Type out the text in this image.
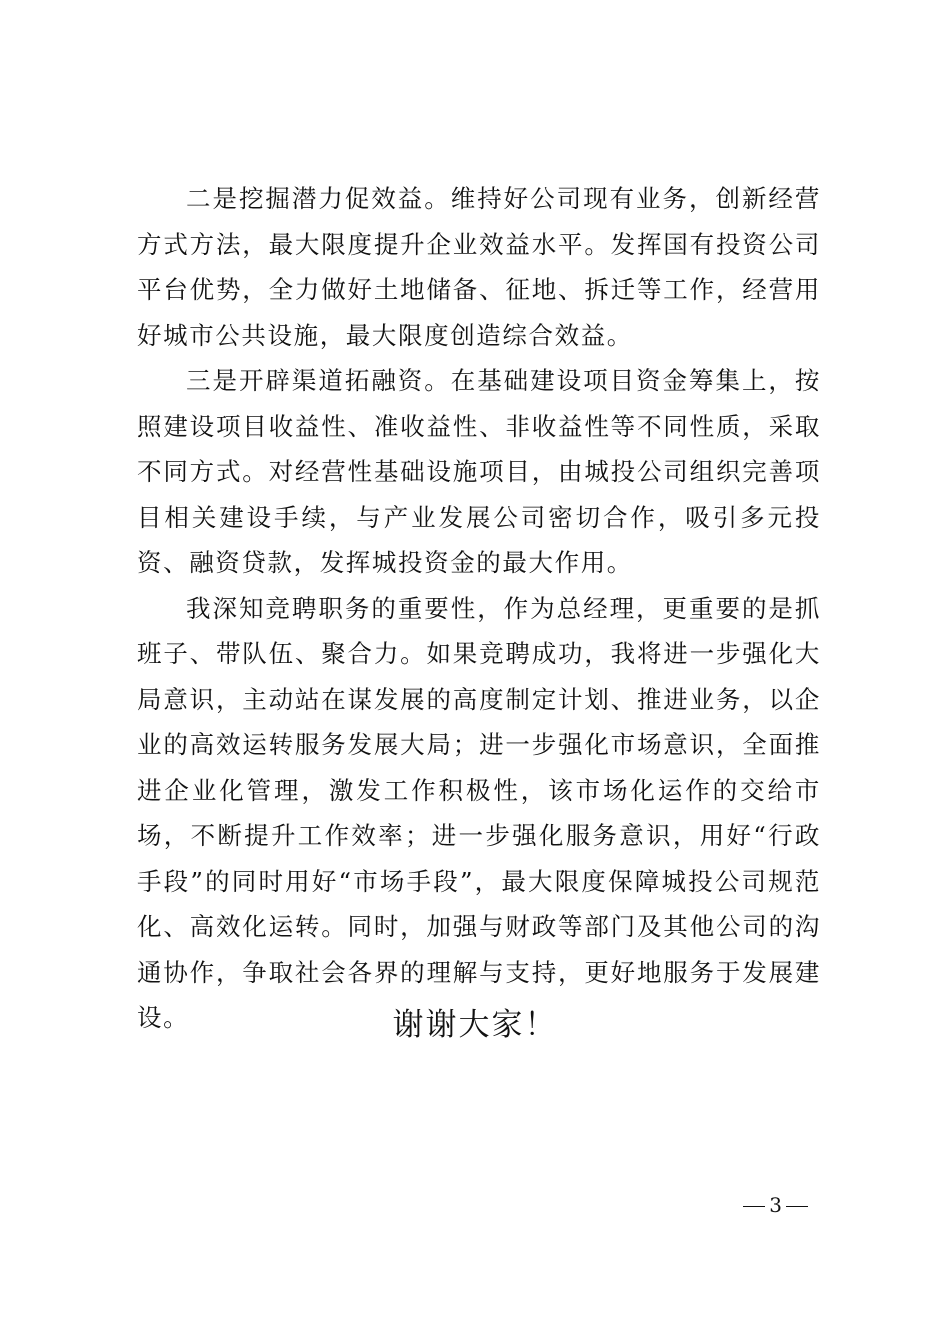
二是挖掘潜力促效益。维持好公司现有业务，创新经营方式方法，最大限度提升企业效益水平。发挥国有投资公司平台优势，全力做好土地储备、征地、拆迁等工作，经营用好城市公共设施，最大限度创造综合效益。

三是开辟渠道拓融资。在基础建设项目资金筹集上，按照建设项目收益性、准收益性、非收益性等不同性质，采取不同方式。对经营性基础设施项目，由城投公司组织完善项目相关建设手续，与产业发展公司密切合作，吸引多元投资、融资贷款，发挥城投资金的最大作用。

我深知竞聘职务的重要性，作为总经理，更重要的是抓班子、带队伍、聚合力。如果竞聘成功，我将进一步强化大局意识，主动站在谋发展的高度制定计划、推进业务，以企业的高效运转服务发展大局；进一步强化市场意识，全面推进企业化管理，激发工作积极性，该市场化运作的交给市场，不断提升工作效率；进一步强化服务意识，用好“行政手段”的同时用好“市场手段”，最大限度保障城投公司规范化、高效化运转。同时，加强与财政等部门及其他公司的沟通协作，争取社会各界的理解与支持，更好地服务于发展建设。	谢谢大家！
3
